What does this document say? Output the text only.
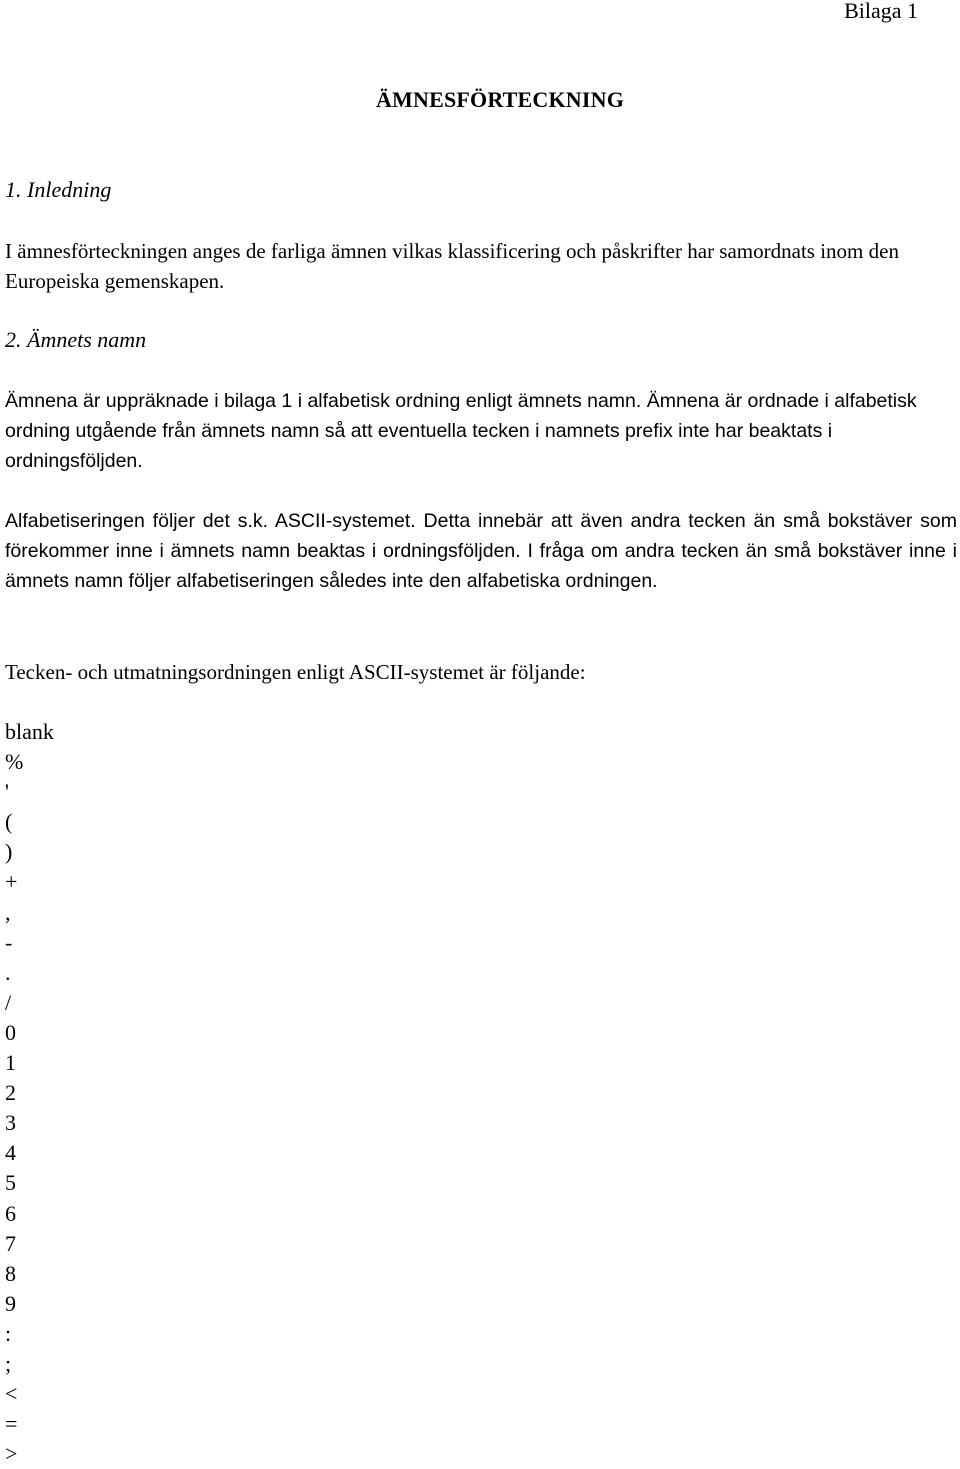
Bilaga 1
ÄMNESFÖRTECKNING
1. Inledning

I ämnesförteckningen anges de farliga ämnen vilkas klassificering och påskrifter har samordnats inom den Europeiska gemenskapen.

2. Ämnets namn

Ämnena är uppräknade i bilaga 1 i alfabetisk ordning enligt ämnets namn. Ämnena är ordnade i alfabetisk ordning utgående från ämnets namn så att eventuella tecken i namnets prefix inte har beaktats i ordningsföljden.

Alfabetiseringen följer det s.k. ASCII-systemet. Detta innebär att även andra tecken än små bokstäver som förekommer inne i ämnets namn beaktas i ordningsföljden. I fråga om andra tecken än små bokstäver inne i ämnets namn följer alfabetiseringen således inte den alfabetiska ordningen.

Tecken- och utmatningsordningen enligt ASCII-systemet är följande:

blank
%
'
(
)
+
,
-
.
/
0
1
2
3
4
5
6
7
8
9
:
;
<
=
>
